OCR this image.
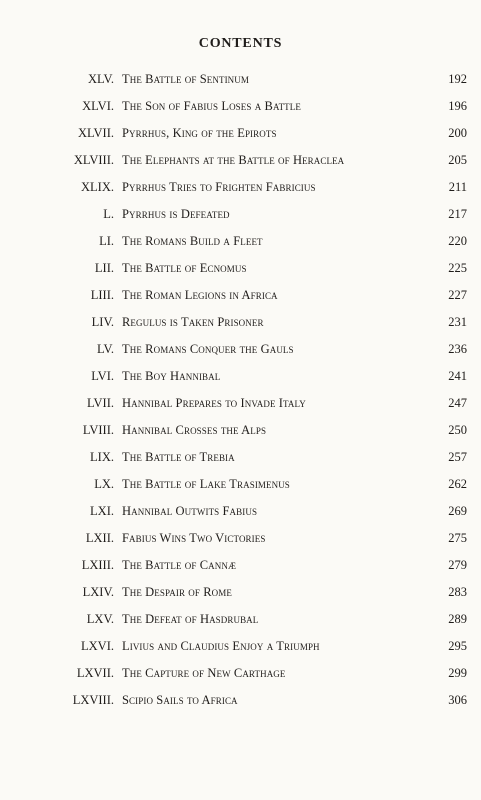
CONTENTS
XLV. The Battle of Sentinum	192
XLVI. The Son of Fabius Loses a Battle	196
XLVII. Pyrrhus, King of the Epirots	200
XLVIII. The Elephants at the Battle of Heraclea	205
XLIX. Pyrrhus Tries to Frighten Fabricius	211
L. Pyrrhus is Defeated	217
LI. The Romans Build a Fleet	220
LII. The Battle of Ecnomus	225
LIII. The Roman Legions in Africa	227
LIV. Regulus is Taken Prisoner	231
LV. The Romans Conquer the Gauls	236
LVI. The Boy Hannibal	241
LVII. Hannibal Prepares to Invade Italy	247
LVIII. Hannibal Crosses the Alps	250
LIX. The Battle of Trebia	257
LX. The Battle of Lake Trasimenus	262
LXI. Hannibal Outwits Fabius	269
LXII. Fabius Wins Two Victories	275
LXIII. The Battle of Cannæ	279
LXIV. The Despair of Rome	283
LXV. The Defeat of Hasdrubal	289
LXVI. Livius and Claudius Enjoy a Triumph	295
LXVII. The Capture of New Carthage	299
LXVIII. Scipio Sails to Africa	306
